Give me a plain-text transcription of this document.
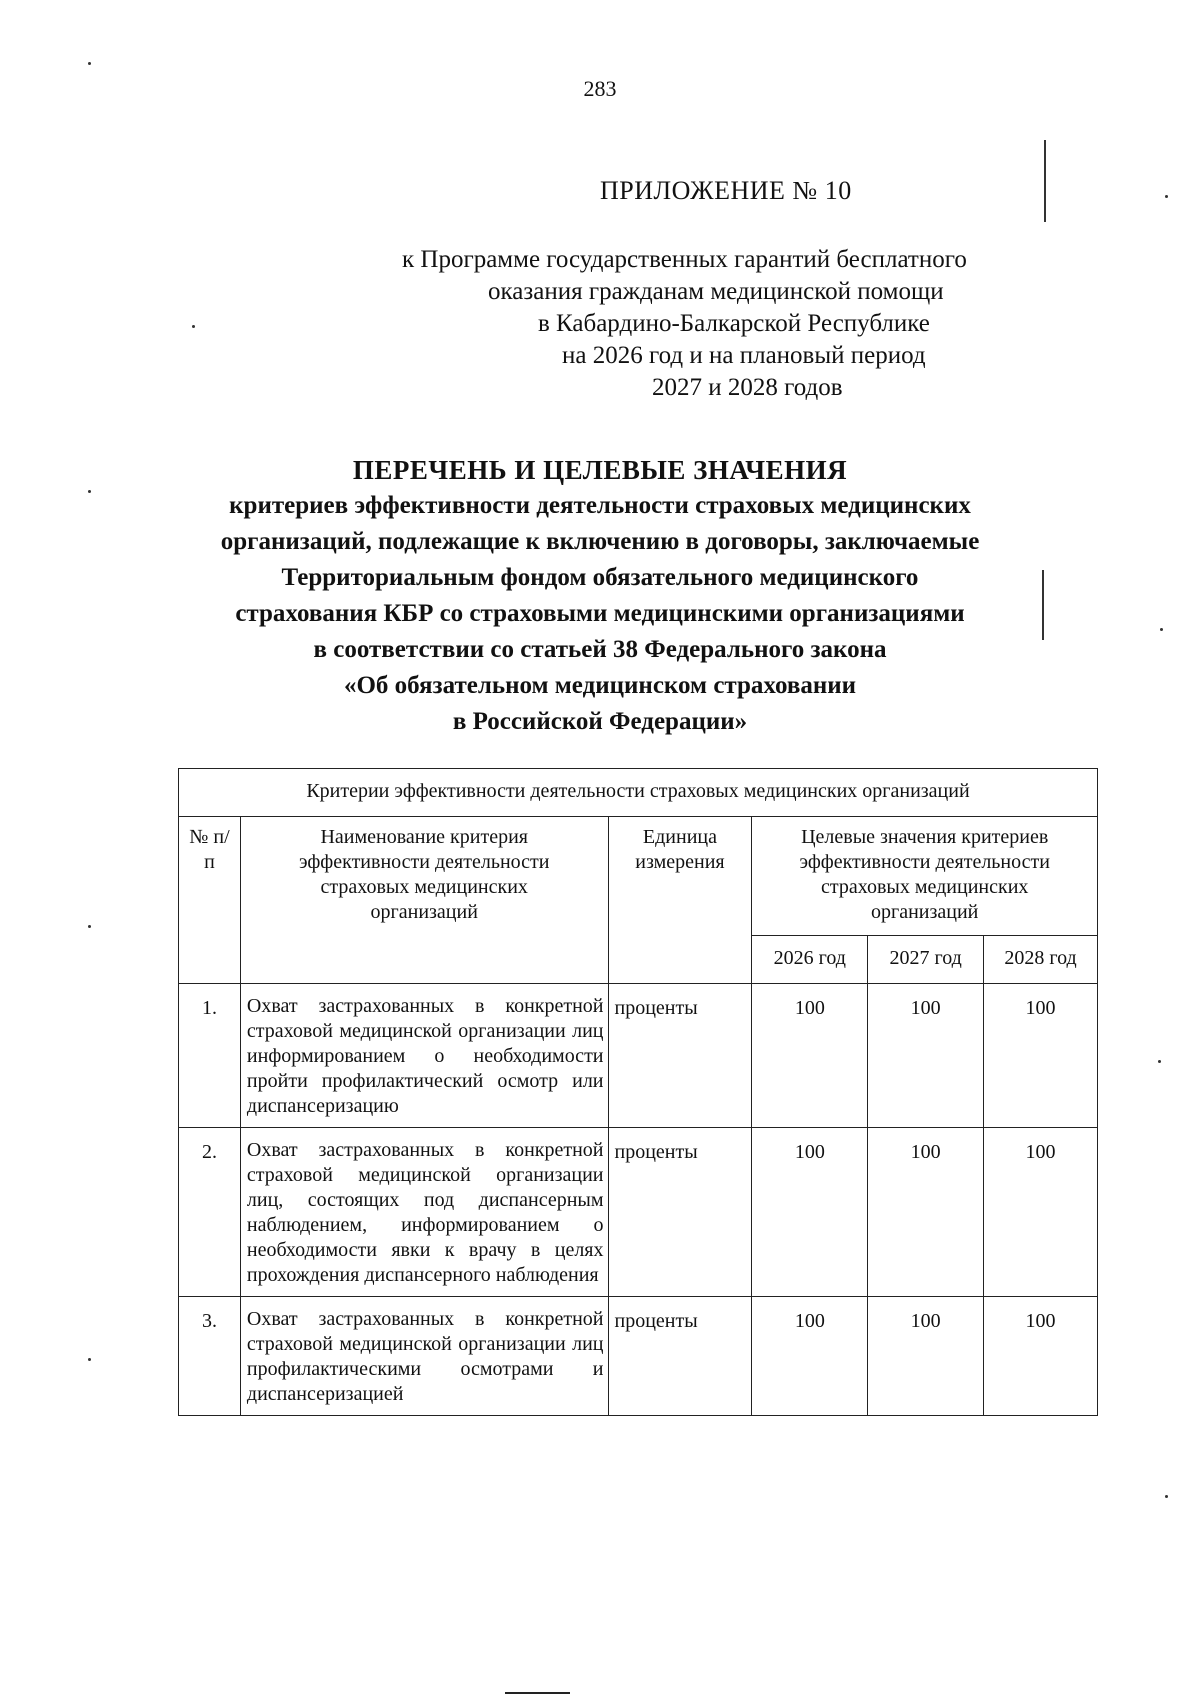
283
ПРИЛОЖЕНИЕ № 10
к Программе государственных гарантий бесплатного
оказания гражданам медицинской помощи
в Кабардино-Балкарской Республике
на 2026 год и на плановый период
2027 и 2028 годов
ПЕРЕЧЕНЬ И ЦЕЛЕВЫЕ ЗНАЧЕНИЯ
критериев эффективности деятельности страховых медицинских
организаций, подлежащие к включению в договоры, заключаемые
Территориальным фондом обязательного медицинского
страхования КБР со страховыми медицинскими организациями
в соответствии со статьей 38 Федерального закона
«Об обязательном медицинском страховании
в Российской Федерации»
Критерии эффективности деятельности страховых медицинских организаций					
№ п/п	Наименование критерия эффективности деятельности страховых медицинских организаций	Единица измерения	Целевые значения критериев эффективности деятельности страховых медицинских организаций		
			2026 год	2027 год	2028 год
1.	Охват застрахованных в конкретной страховой медицинской организации лиц информированием о необходимости пройти профилактический осмотр или диспансеризацию	проценты	100	100	100
2.	Охват застрахованных в конкретной страховой медицинской организации лиц, состоящих под диспансерным наблюдением, информированием о необходимости явки к врачу в целях прохождения диспансерного наблюдения	проценты	100	100	100
3.	Охват застрахованных в конкретной страховой медицинской организации лиц профилактическими осмотрами и диспансеризацией	проценты	100	100	100
